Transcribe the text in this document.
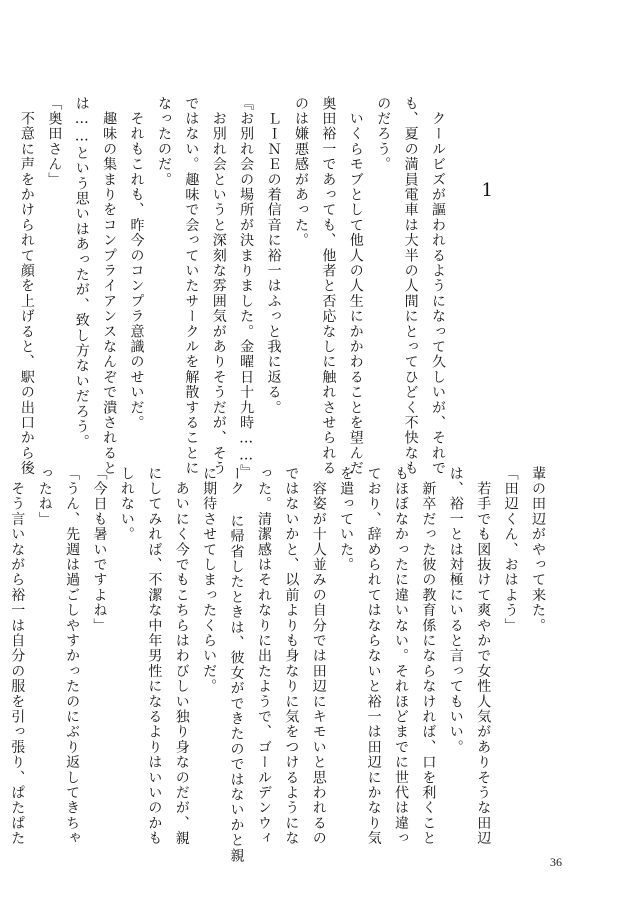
1
　クールビズが謳われるようになって久しいが、それで
も、夏の満員電車は大半の人間にとってひどく不快なも
のだろう。
　いくらモブとして他人の人生にかかわることを望んだ
奥田裕一であっても、他者と否応なしに触れさせられる
のは嫌悪感があった。
　ＬＩＮＥの着信音に裕一はふっと我に返る。
『お別れ会の場所が決まりました。金曜日十九時……』
　お別れ会というと深刻な雰囲気がありそうだが、そう
ではない。趣味で会っていたサークルを解散することに
なったのだ。
　それもこれも、昨今のコンプラ意識のせいだ。
　趣味の集まりをコンプライアンスなんぞで潰されると
は……という思いはあったが、致し方ないだろう。
「奥田さん」
　不意に声をかけられて顔を上げると、駅の出口から後
輩の田辺がやって来た。
「田辺くん、おはよう」
　若手でも図抜けて爽やかで女性人気がありそうな田辺
は、裕一とは対極にいると言ってもいい。
　新卒だった彼の教育係にならなければ、口を利くこと
もほぼなかったに違いない。それほどまでに世代は違っ
ており、辞められてはならないと裕一は田辺にかなり気
を遣っていた。
　容姿が十人並みの自分では田辺にキモいと思われるの
ではないかと、以前よりも身なりに気をつけるようにな
った。清潔感はそれなりに出たようで、ゴールデンウィ
ーク に帰省したときは、彼女ができたのではないかと親
に期待させてしまったくらいだ。
　あいにく今でもこちらはわびしい独り身なのだが、親
にしてみれば、不潔な中年男性になるよりはいいのかも
しれない。
「今日も暑いですよね」
「うん、先週は過ごしやすかったのにぶり返してきちゃ
ったね」
　そう言いながら裕一は自分の服を引っ張り、ぱたぱた
36
